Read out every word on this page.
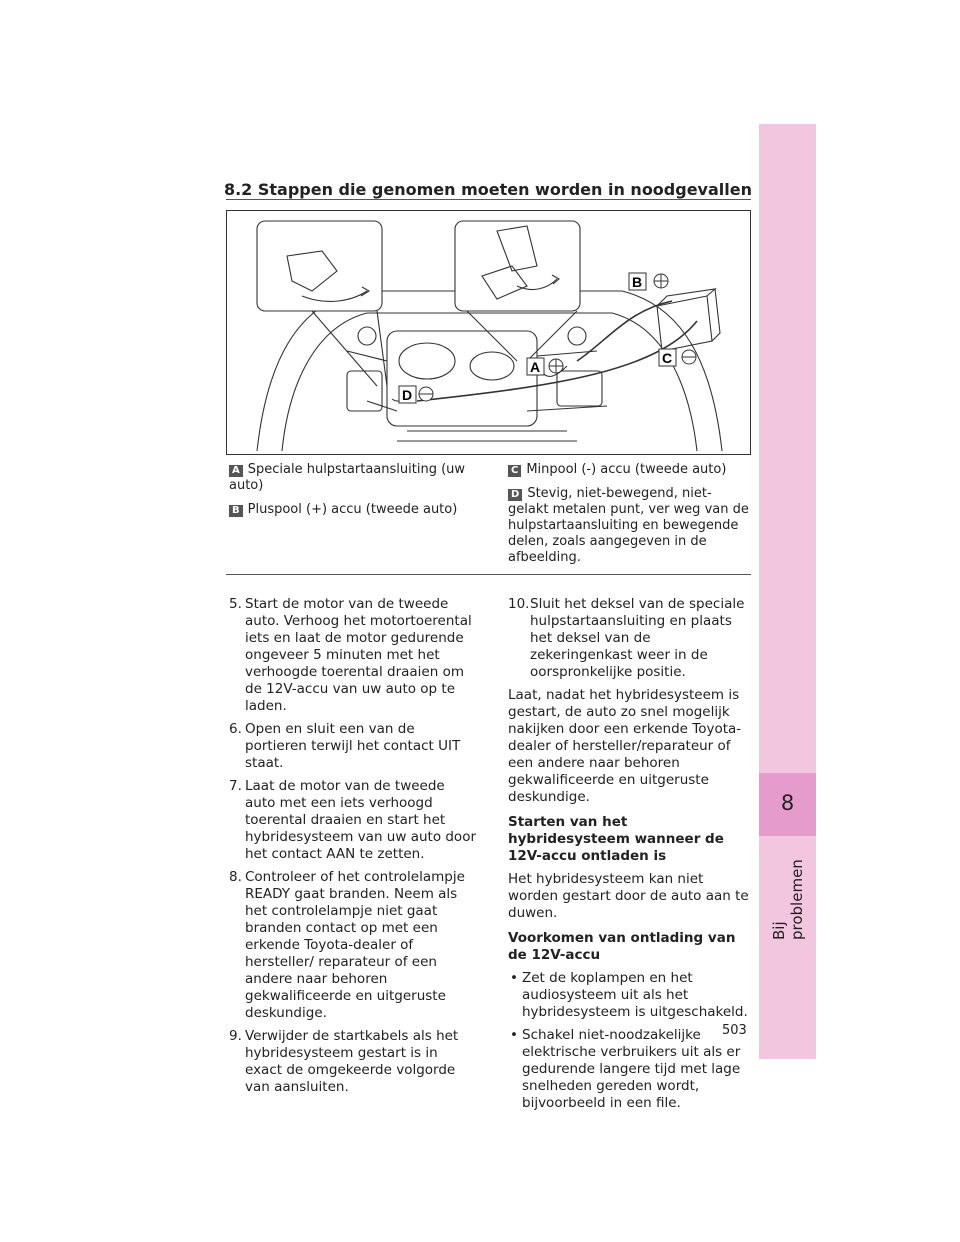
8
Bij problemen
8.2 Stappen die genomen moeten worden in noodgevallen
B
C
A
D
A Speciale hulpstartaansluiting (uw auto)
B Pluspool (+) accu (tweede auto)
C Minpool (-) accu (tweede auto)
D Stevig, niet-bewegend, niet-gelakt metalen punt, ver weg van de hulpstartaansluiting en bewegende delen, zoals aangegeven in de afbeelding.
5. Start de motor van de tweede auto. Verhoog het motortoerental iets en laat de motor gedurende ongeveer 5 minuten met het verhoogde toerental draaien om de 12V-accu van uw auto op te laden.
6. Open en sluit een van de portieren terwijl het contact UIT staat.
7. Laat de motor van de tweede auto met een iets verhoogd toerental draaien en start het hybridesysteem van uw auto door het contact AAN te zetten.
8. Controleer of het controlelampje READY gaat branden. Neem als het controlelampje niet gaat branden contact op met een erkende Toyota-dealer of hersteller/ reparateur of een andere naar behoren gekwalificeerde en uitgeruste deskundige.
9. Verwijder de startkabels als het hybridesysteem gestart is in exact de omgekeerde volgorde van aansluiten.
10. Sluit het deksel van de speciale hulpstartaansluiting en plaats het deksel van de zekeringenkast weer in de oorspronkelijke positie.
Laat, nadat het hybridesysteem is gestart, de auto zo snel mogelijk nakijken door een erkende Toyota-dealer of hersteller/reparateur of een andere naar behoren gekwalificeerde en uitgeruste deskundige.
Starten van het hybridesysteem wanneer de 12V-accu ontladen is
Het hybridesysteem kan niet worden gestart door de auto aan te duwen.
Voorkomen van ontlading van de 12V-accu
• Zet de koplampen en het audiosysteem uit als het hybridesysteem is uitgeschakeld.
• Schakel niet-noodzakelijke elektrische verbruikers uit als er gedurende langere tijd met lage snelheden gereden wordt, bijvoorbeeld in een file.
503
